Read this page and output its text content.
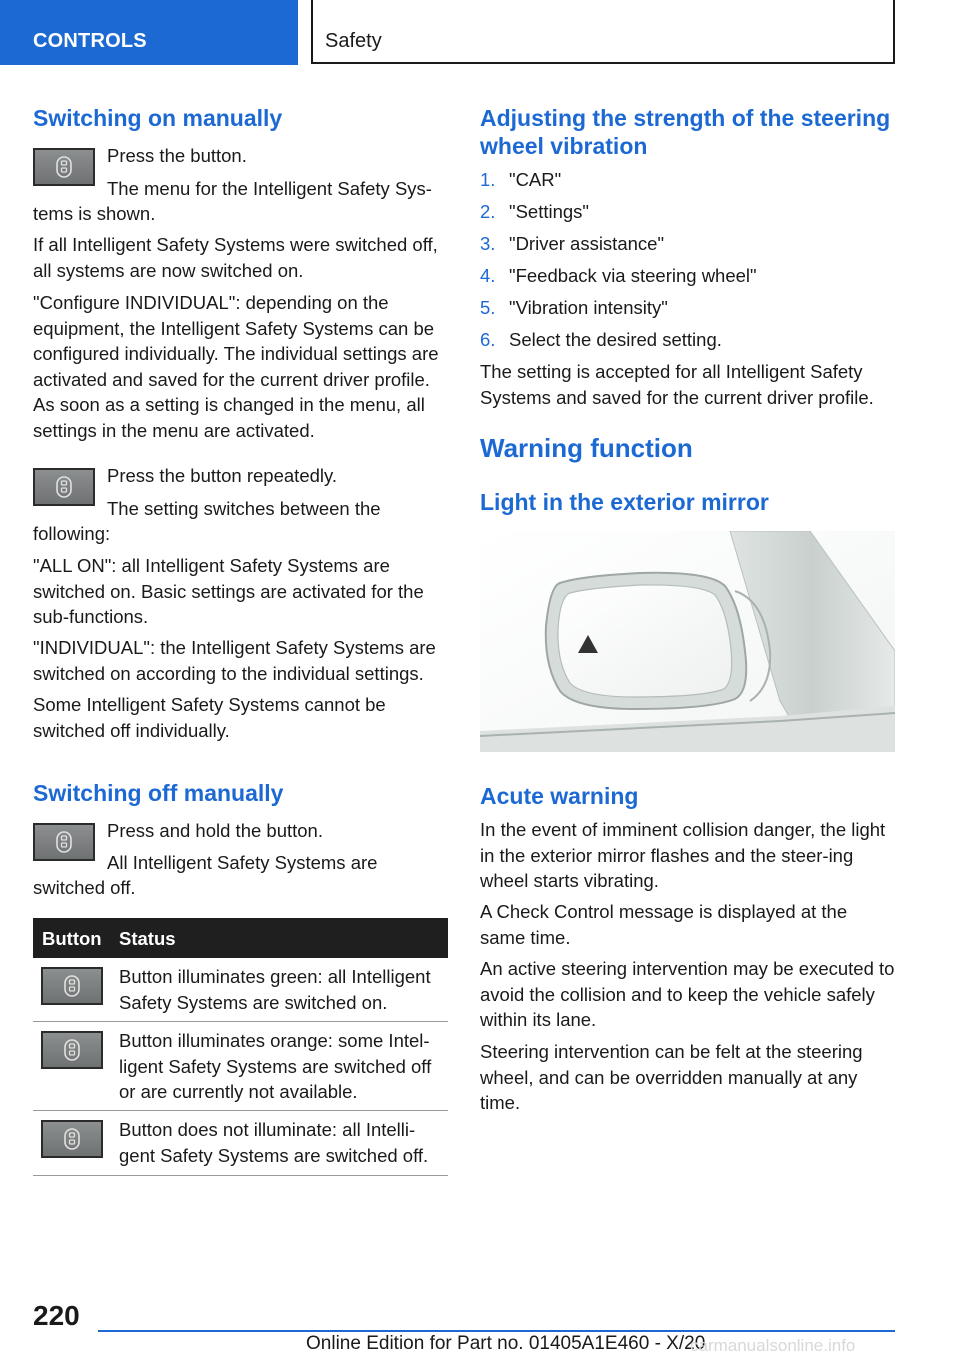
CONTROLS	Safety
Switching on manually

Press the button.

The menu for the Intelligent Safety Sys‐

tems is shown.

If all Intelligent Safety Systems were switched off, all systems are now switched on.

"Configure INDIVIDUAL": depending on the equipment, the Intelligent Safety Systems can be configured individually. The individual settings are activated and saved for the current driver profile. As soon as a setting is changed in the menu, all settings in the menu are activated.

Press the button repeatedly.

The setting switches between the

following:

"ALL ON": all Intelligent Safety Systems are switched on. Basic settings are activated for the sub-functions.

"INDIVIDUAL": the Intelligent Safety Systems are switched on according to the individual settings.

Some Intelligent Safety Systems cannot be switched off individually.

Switching off manually

Press and hold the button.

All Intelligent Safety Systems are

switched off.

Button Status

Button illuminates green: all Intelligent Safety Systems are switched on.

Button illuminates orange: some Intel‐ligent Safety Systems are switched off or are currently not available.

Button does not illuminate: all Intelli‐gent Safety Systems are switched off.

Adjusting the strength of the steering wheel vibration
1. "CAR"
2. "Settings"
3. "Driver assistance"
4. "Feedback via steering wheel"
5. "Vibration intensity"
6. Select the desired setting.

The setting is accepted for all Intelligent Safety Systems and saved for the current driver profile.

Warning function
Light in the exterior mirror
Acute warning

In the event of imminent collision danger, the light in the exterior mirror flashes and the steer‐ing wheel starts vibrating.

A Check Control message is displayed at the same time.

An active steering intervention may be executed to avoid the collision and to keep the vehicle safely within its lane.

Steering intervention can be felt at the steering wheel, and can be overridden manually at any time.

220
Online Edition for Part no. 01405A1E460 - X/20
carmanualsonline.info
